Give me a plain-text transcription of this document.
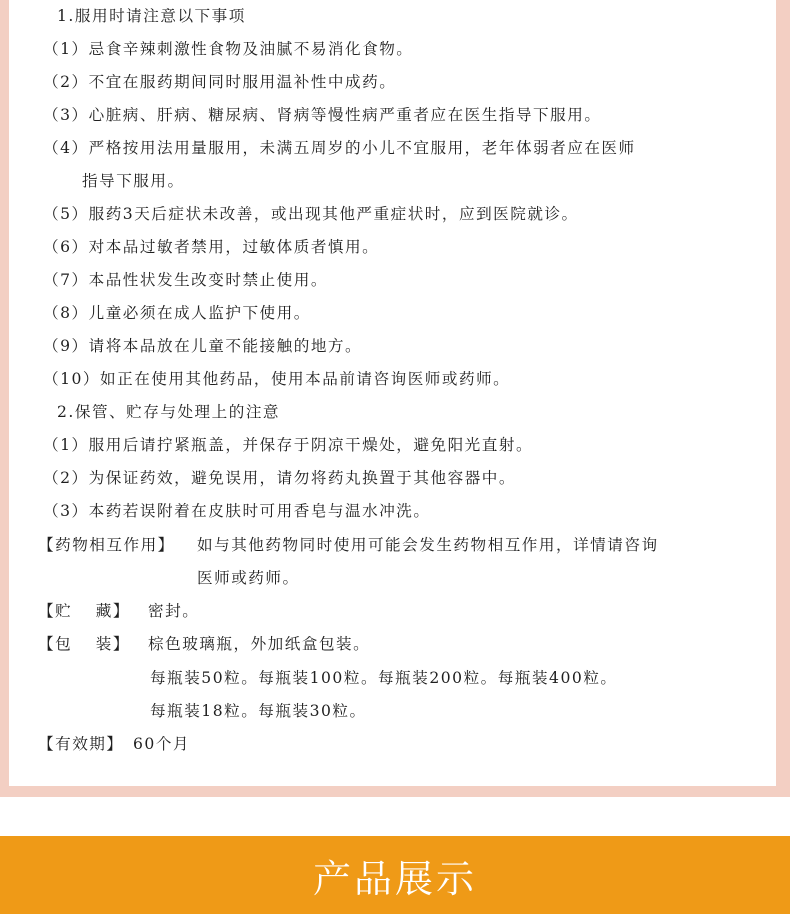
1.服用时请注意以下事项
（1）忌食辛辣刺激性食物及油腻不易消化食物。
（2）不宜在服药期间同时服用温补性中成药。
（3）心脏病、肝病、糖尿病、肾病等慢性病严重者应在医生指导下服用。
（4）严格按用法用量服用，未满五周岁的小儿不宜服用，老年体弱者应在医师
指导下服用。
（5）服药3天后症状未改善，或出现其他严重症状时，应到医院就诊。
（6）对本品过敏者禁用，过敏体质者慎用。
（7）本品性状发生改变时禁止使用。
（8）儿童必须在成人监护下使用。
（9）请将本品放在儿童不能接触的地方。
（10）如正在使用其他药品，使用本品前请咨询医师或药师。
2.保管、贮存与处理上的注意
（1）服用后请拧紧瓶盖，并保存于阴凉干燥处，避免阳光直射。
（2）为保证药效，避免误用，请勿将药丸换置于其他容器中。
（3）本药若误附着在皮肤时可用香皂与温水冲洗。
【药物相互作用】 如与其他药物同时使用可能会发生药物相互作用，详情请咨询
医师或药师。
【贮　 藏】 密封。
【包　 装】 棕色玻璃瓶，外加纸盒包装。
每瓶装50粒。每瓶装100粒。每瓶装200粒。每瓶装400粒。
每瓶装18粒。每瓶装30粒。
【有效期】 60个月
产品展示
